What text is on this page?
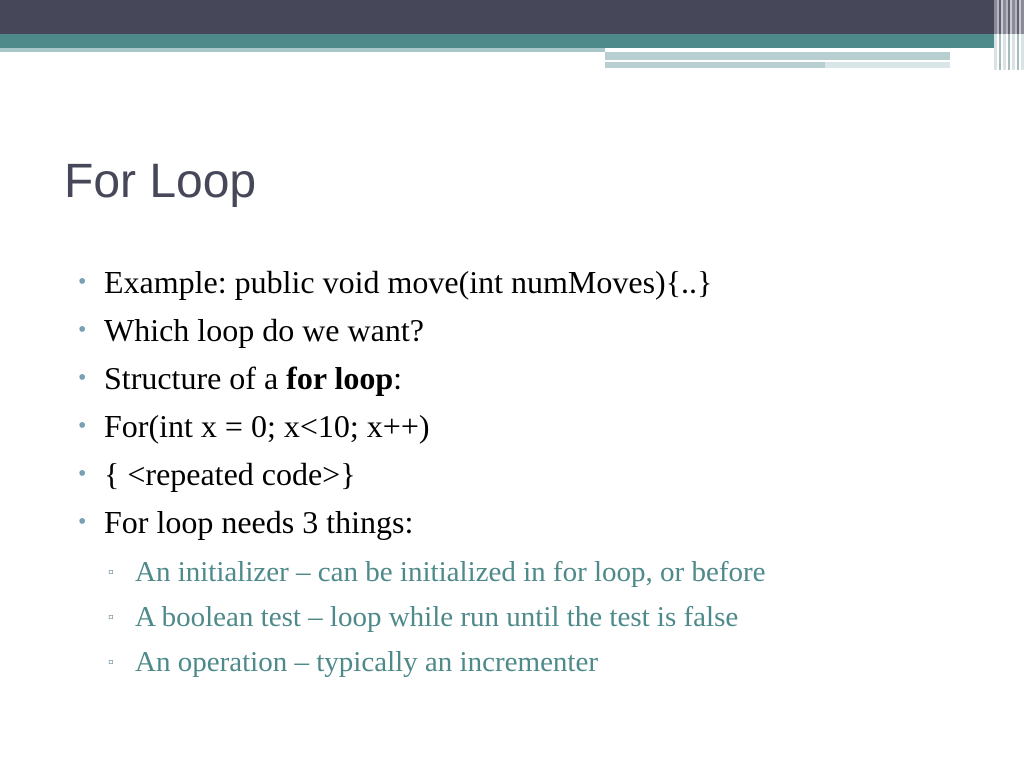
For Loop
• Example: public void move(int numMoves){..}
• Which loop do we want?
• Structure of a for loop:
• For(int x = 0; x<10; x++)
• { <repeated code>}
• For loop needs 3 things:
▫ An initializer – can be initialized in for loop, or before
▫ A boolean test – loop while run until the test is false
▫ An operation – typically an incrementer
